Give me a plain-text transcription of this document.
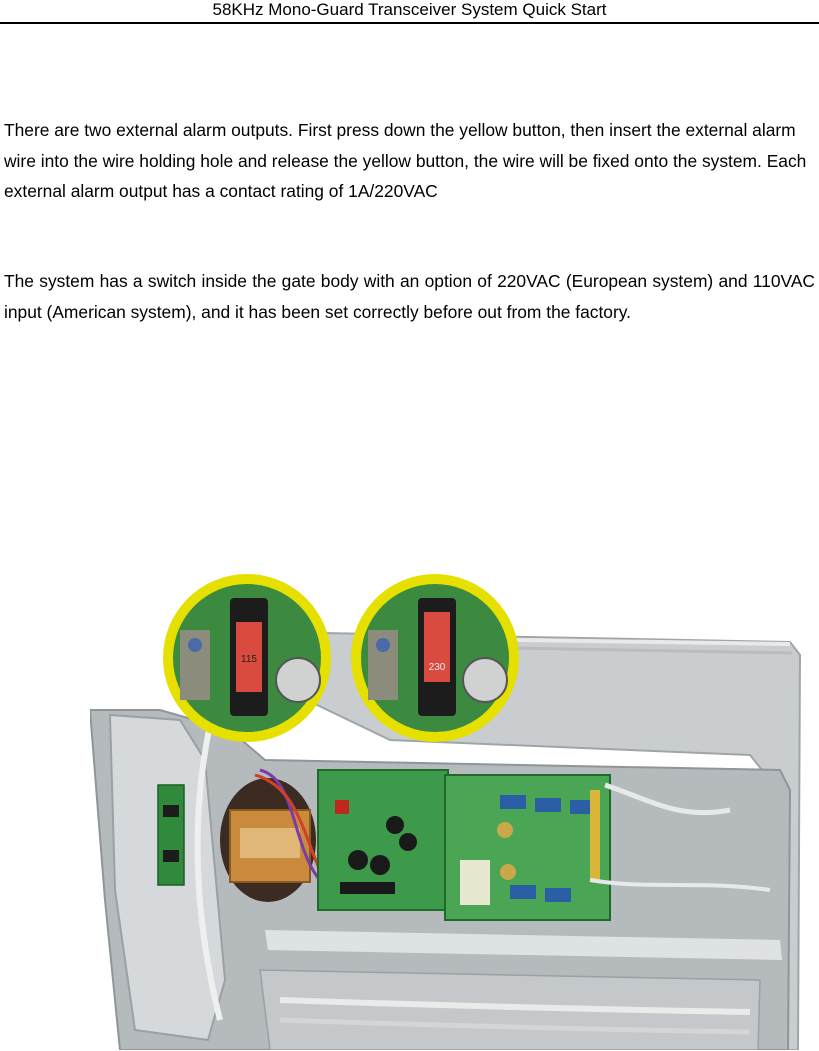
58KHz Mono-Guard Transceiver System Quick Start

There are two external alarm outputs. First press down the yellow button, then insert the external alarm wire into the wire holding hole and release the yellow button, the wire will be fixed onto the system. Each external alarm output has a contact rating of 1A/220VAC

The system has a switch inside the gate body with an option of 220VAC (European system) and 110VAC input (American system), and it has been set correctly before out from the factory.

115
230
